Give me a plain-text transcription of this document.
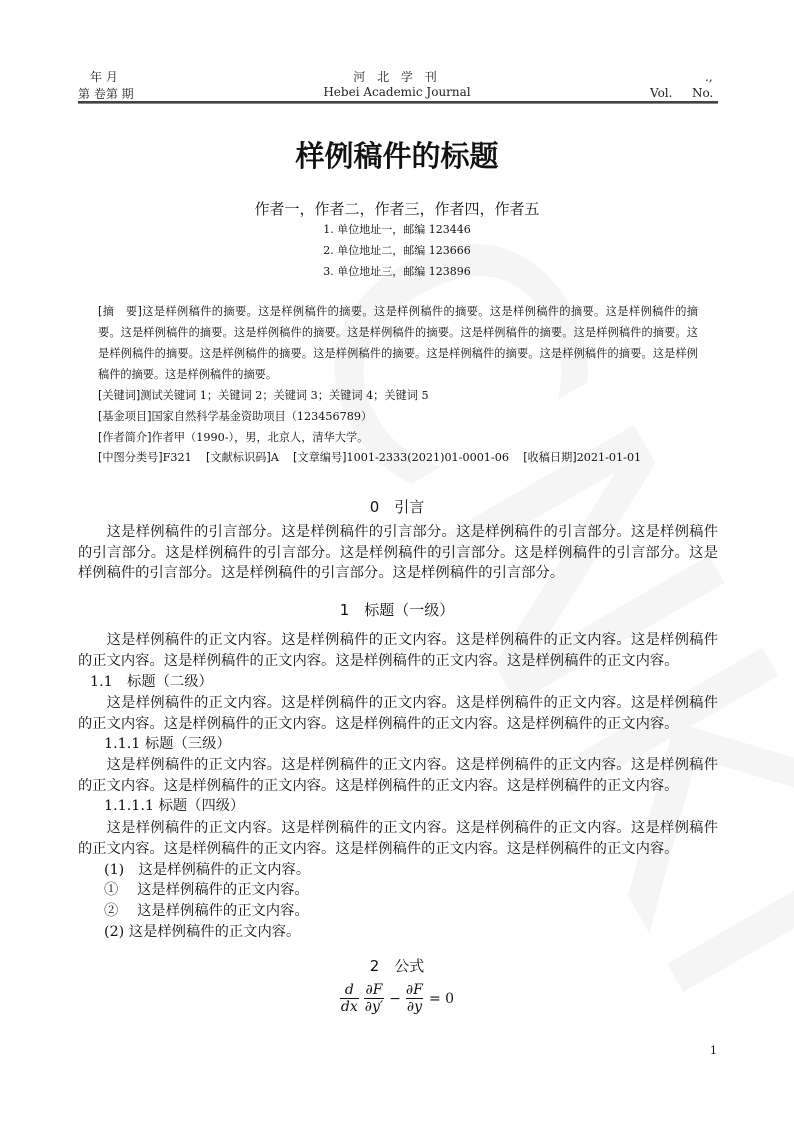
年 月
第 卷第 期
河 北 学 刊
Hebei Academic Journal
.,
Vol. No.
样例稿件的标题
作者一，作者二，作者三，作者四，作者五
1. 单位地址一，邮编 123446
2. 单位地址二，邮编 123666
3. 单位地址三，邮编 123896
[摘　要]这是样例稿件的摘要。这是样例稿件的摘要。这是样例稿件的摘要。这是样例稿件的摘要。这是样例稿件的摘要。这是样例稿件的摘要。这是样例稿件的摘要。这是样例稿件的摘要。这是样例稿件的摘要。这是样例稿件的摘要。这是样例稿件的摘要。这是样例稿件的摘要。这是样例稿件的摘要。这是样例稿件的摘要。这是样例稿件的摘要。这是样例稿件的摘要。这是样例稿件的摘要。
[关键词]测试关键词 1；关键词 2；关键词 3；关键词 4；关键词 5
[基金项目]国家自然科学基金资助项目（123456789）
[作者简介]作者甲（1990-），男，北京人，清华大学。
[中图分类号]F321 [文献标识码]A [文章编号]1001-2333(2021)01-0001-06 [收稿日期]2021-01-01
0　引言
这是样例稿件的引言部分。这是样例稿件的引言部分。这是样例稿件的引言部分。这是样例稿件的引言部分。这是样例稿件的引言部分。这是样例稿件的引言部分。这是样例稿件的引言部分。这是样例稿件的引言部分。这是样例稿件的引言部分。这是样例稿件的引言部分。
1　标题（一级）
这是样例稿件的正文内容。这是样例稿件的正文内容。这是样例稿件的正文内容。这是样例稿件的正文内容。这是样例稿件的正文内容。这是样例稿件的正文内容。这是样例稿件的正文内容。
1.1　标题（二级）
这是样例稿件的正文内容。这是样例稿件的正文内容。这是样例稿件的正文内容。这是样例稿件的正文内容。这是样例稿件的正文内容。这是样例稿件的正文内容。这是样例稿件的正文内容。
1.1.1 标题（三级）
这是样例稿件的正文内容。这是样例稿件的正文内容。这是样例稿件的正文内容。这是样例稿件的正文内容。这是样例稿件的正文内容。这是样例稿件的正文内容。这是样例稿件的正文内容。
1.1.1.1 标题（四级）
这是样例稿件的正文内容。这是样例稿件的正文内容。这是样例稿件的正文内容。这是样例稿件的正文内容。这是样例稿件的正文内容。这是样例稿件的正文内容。这是样例稿件的正文内容。
(1)　这是样例稿件的正文内容。
①　 这是样例稿件的正文内容。
②　 这是样例稿件的正文内容。
(2) 这是样例稿件的正文内容。
2　公式
$\frac{d}{dx} \frac{\partial F}{\partial y'} - \frac{\partial F}{\partial y} = 0$
1
